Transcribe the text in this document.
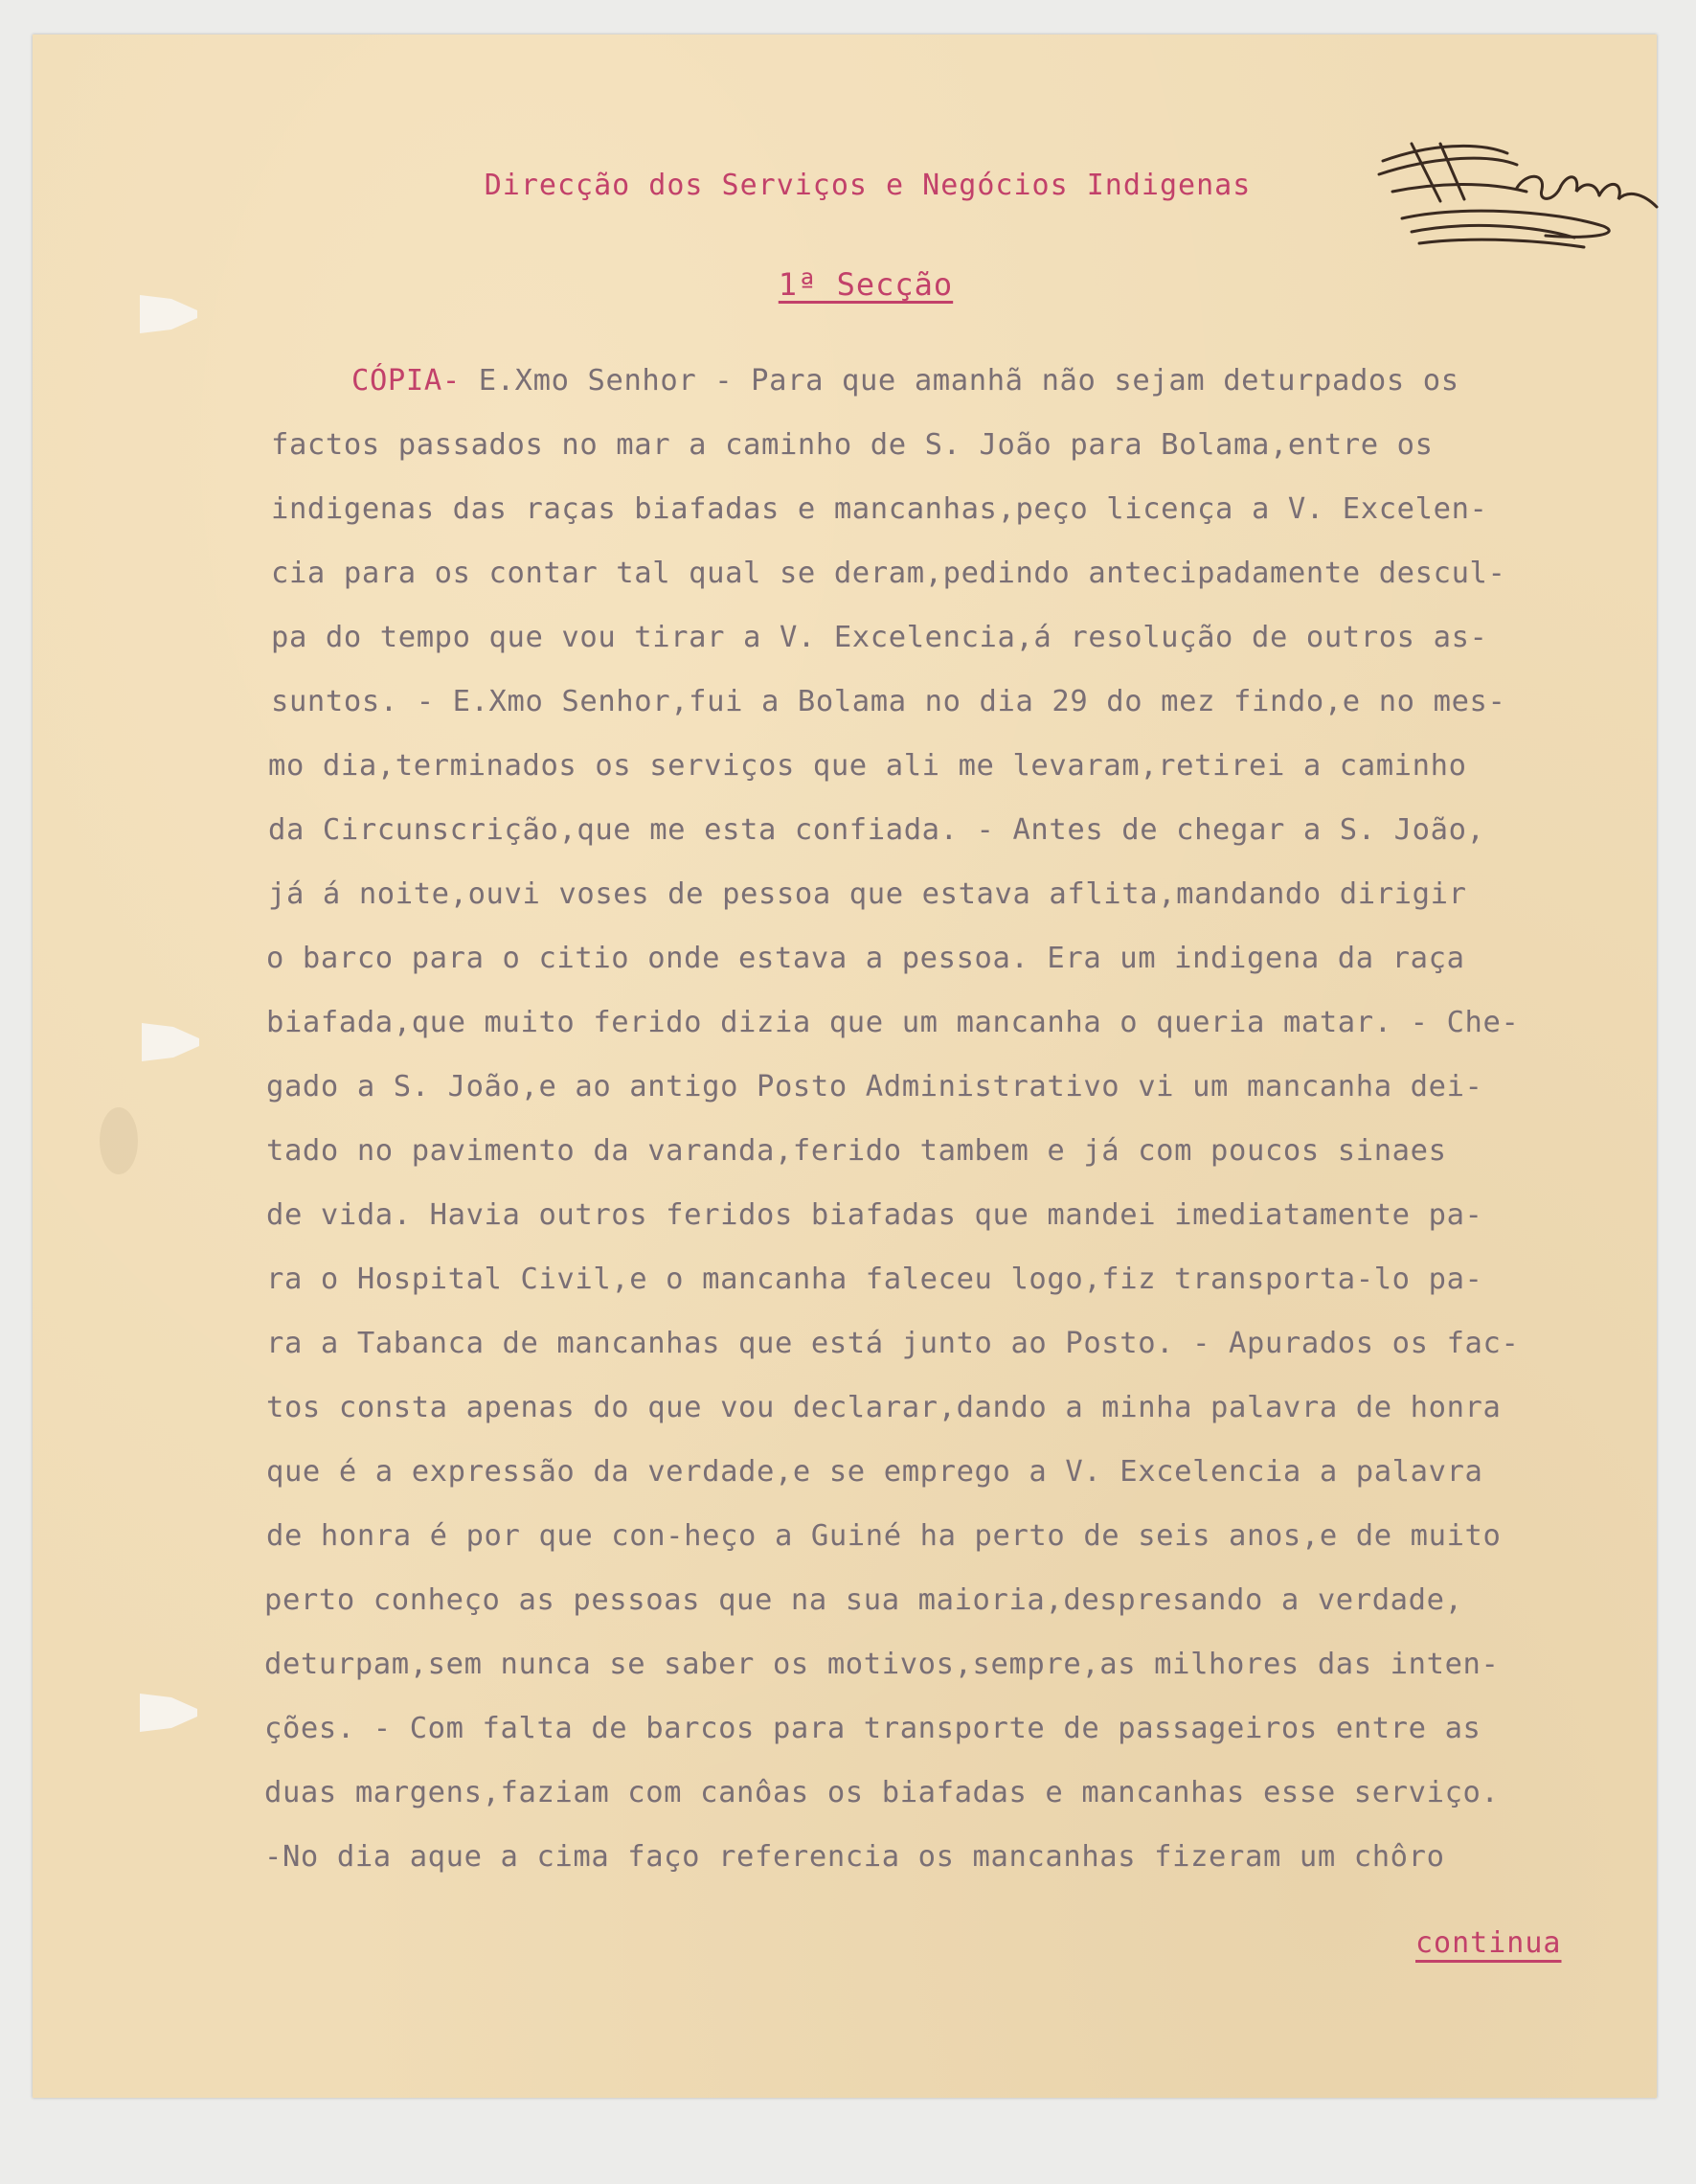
Direcção dos Serviços e Negócios Indigenas
1ª Secção
CÓPIA- E.Xmo Senhor - Para que amanhã não sejam deturpados os
factos passados no mar a caminho de S. João para Bolama,entre os
indigenas das raças biafadas e mancanhas,peço licença a V. Excelen-
cia para os contar tal qual se deram,pedindo antecipadamente descul-
pa do tempo que vou tirar a V. Excelencia,á resolução de outros as-
suntos. - E.Xmo Senhor,fui a Bolama no dia 29 do mez findo,e no mes-
mo dia,terminados os serviços que ali me levaram,retirei a caminho
da Circunscrição,que me esta confiada. - Antes de chegar a S. João,
já á noite,ouvi voses de pessoa que estava aflita,mandando dirigir
o barco para o citio onde estava a pessoa. Era um indigena da raça
biafada,que muito ferido dizia que um mancanha o queria matar. - Che-
gado a S. João,e ao antigo Posto Administrativo vi um mancanha dei-
tado no pavimento da varanda,ferido tambem e já com poucos sinaes
de vida. Havia outros feridos biafadas que mandei imediatamente pa-
ra o Hospital Civil,e o mancanha faleceu logo,fiz transporta-lo pa-
ra a Tabanca de mancanhas que está junto ao Posto. - Apurados os fac-
tos consta apenas do que vou declarar,dando a minha palavra de honra
que é a expressão da verdade,e se emprego a V. Excelencia a palavra
de honra é por que con-heço a Guiné ha perto de seis anos,e de muito
perto conheço as pessoas que na sua maioria,despresando a verdade,
deturpam,sem nunca se saber os motivos,sempre,as milhores das inten-
ções. - Com falta de barcos para transporte de passageiros entre as
duas margens,faziam com canôas os biafadas e mancanhas esse serviço.
-No dia aque a cima faço referencia os mancanhas fizeram um chôro
continua
